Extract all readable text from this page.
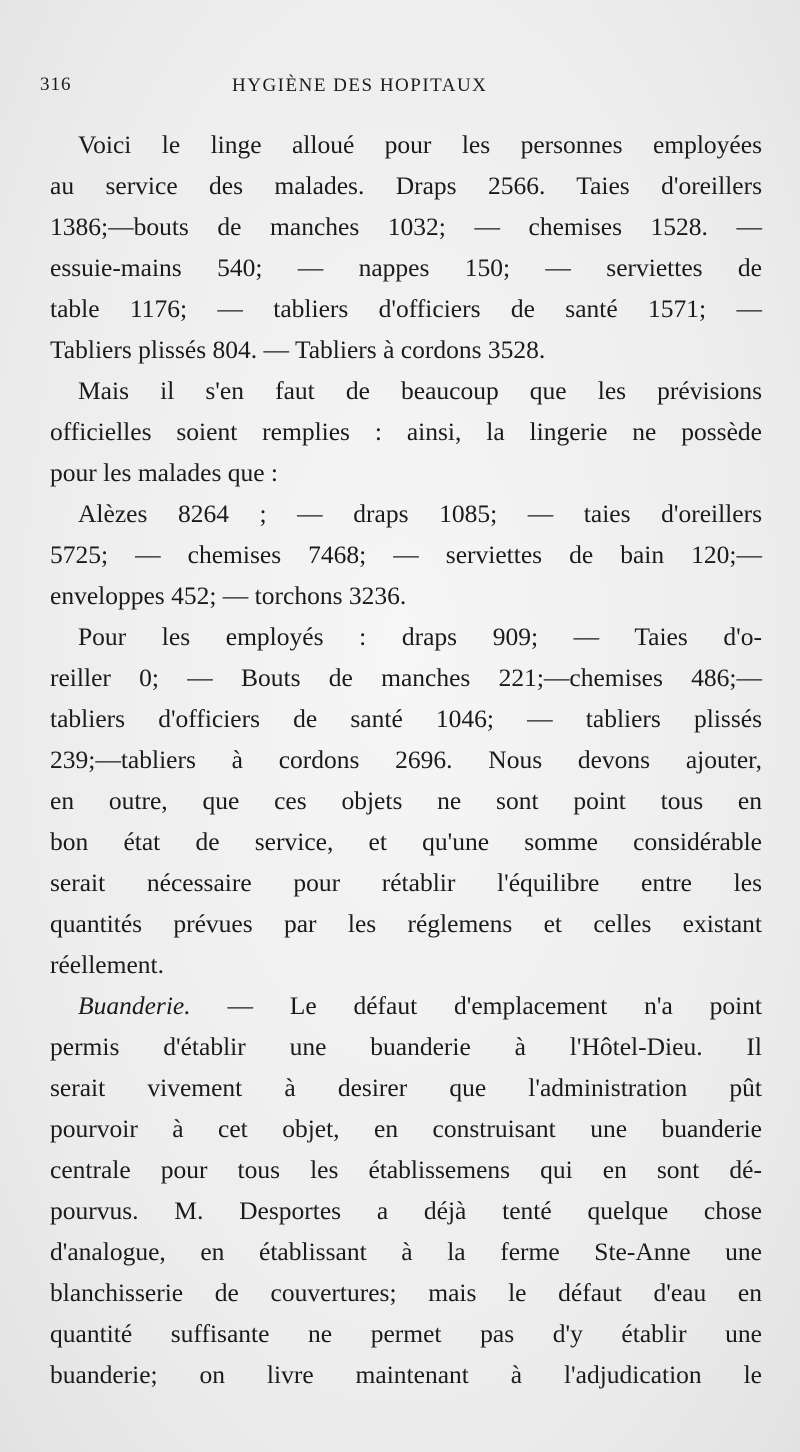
316	HYGIÈNE DES HOPITAUX
Voici le linge alloué pour les personnes employées
au service des malades. Draps 2566. Taies d'oreillers
1386;—bouts de manches 1032; — chemises 1528. —
essuie-mains 540; — nappes 150; — serviettes de
table 1176; — tabliers d'officiers de santé 1571; —
Tabliers plissés 804. — Tabliers à cordons 3528.
Mais il s'en faut de beaucoup que les prévisions
officielles soient remplies : ainsi, la lingerie ne possède
pour les malades que :
Alèzes 8264 ; — draps 1085; — taies d'oreillers
5725; — chemises 7468; — serviettes de bain 120;—
enveloppes 452; — torchons 3236.
Pour les employés : draps 909; — Taies d'o-
reiller 0; — Bouts de manches 221;—chemises 486;—
tabliers d'officiers de santé 1046; — tabliers plissés
239;—tabliers à cordons 2696. Nous devons ajouter,
en outre, que ces objets ne sont point tous en
bon état de service, et qu'une somme considérable
serait nécessaire pour rétablir l'équilibre entre les
quantités prévues par les réglemens et celles existant
réellement.
Buanderie. — Le défaut d'emplacement n'a point
permis d'établir une buanderie à l'Hôtel-Dieu. Il
serait vivement à desirer que l'administration pût
pourvoir à cet objet, en construisant une buanderie
centrale pour tous les établissemens qui en sont dé-
pourvus. M. Desportes a déjà tenté quelque chose
d'analogue, en établissant à la ferme Ste-Anne une
blanchisserie de couvertures; mais le défaut d'eau en
quantité suffisante ne permet pas d'y établir une
buanderie; on livre maintenant à l'adjudication le
